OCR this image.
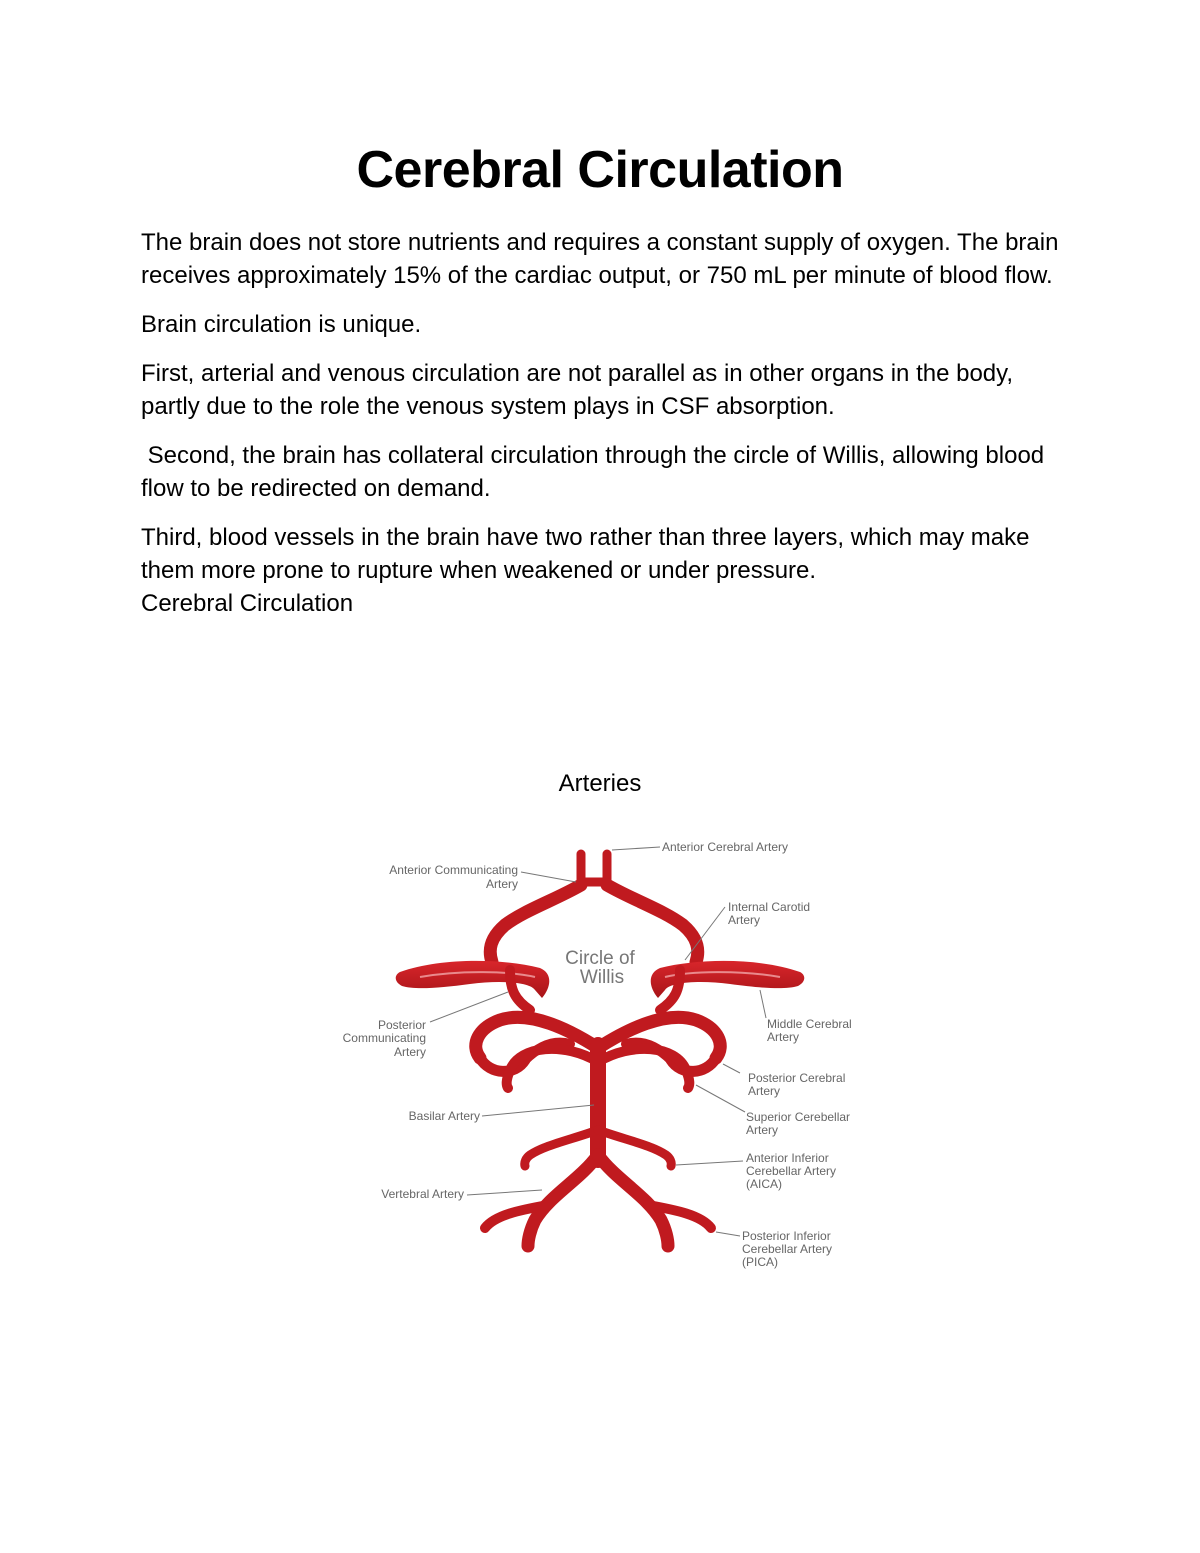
Cerebral Circulation

The brain does not store nutrients and requires a constant supply of oxygen. The brain receives approximately 15% of the cardiac output, or 750 mL per minute of blood flow.

Brain circulation is unique.

First, arterial and venous circulation are not parallel as in other organs in the body, partly due to the role the venous system plays in CSF absorption.

Second, the brain has collateral circulation through the circle of Willis, allowing blood flow to be redirected on demand.

Third, blood vessels in the brain have two rather than three layers, which may make them more prone to rupture when weakened or under pressure.
Cerebral Circulation

Arteries
Circle of
Willis
Anterior Cerebral Artery
Anterior Communicating
Artery
Internal Carotid
Artery
Middle Cerebral
Artery
Posterior
Communicating
Artery
Posterior Cerebral
Artery
Superior Cerebellar
Artery
Basilar Artery
Anterior Inferior
Cerebellar Artery
(AICA)
Vertebral Artery
Posterior Inferior
Cerebellar Artery
(PICA)
